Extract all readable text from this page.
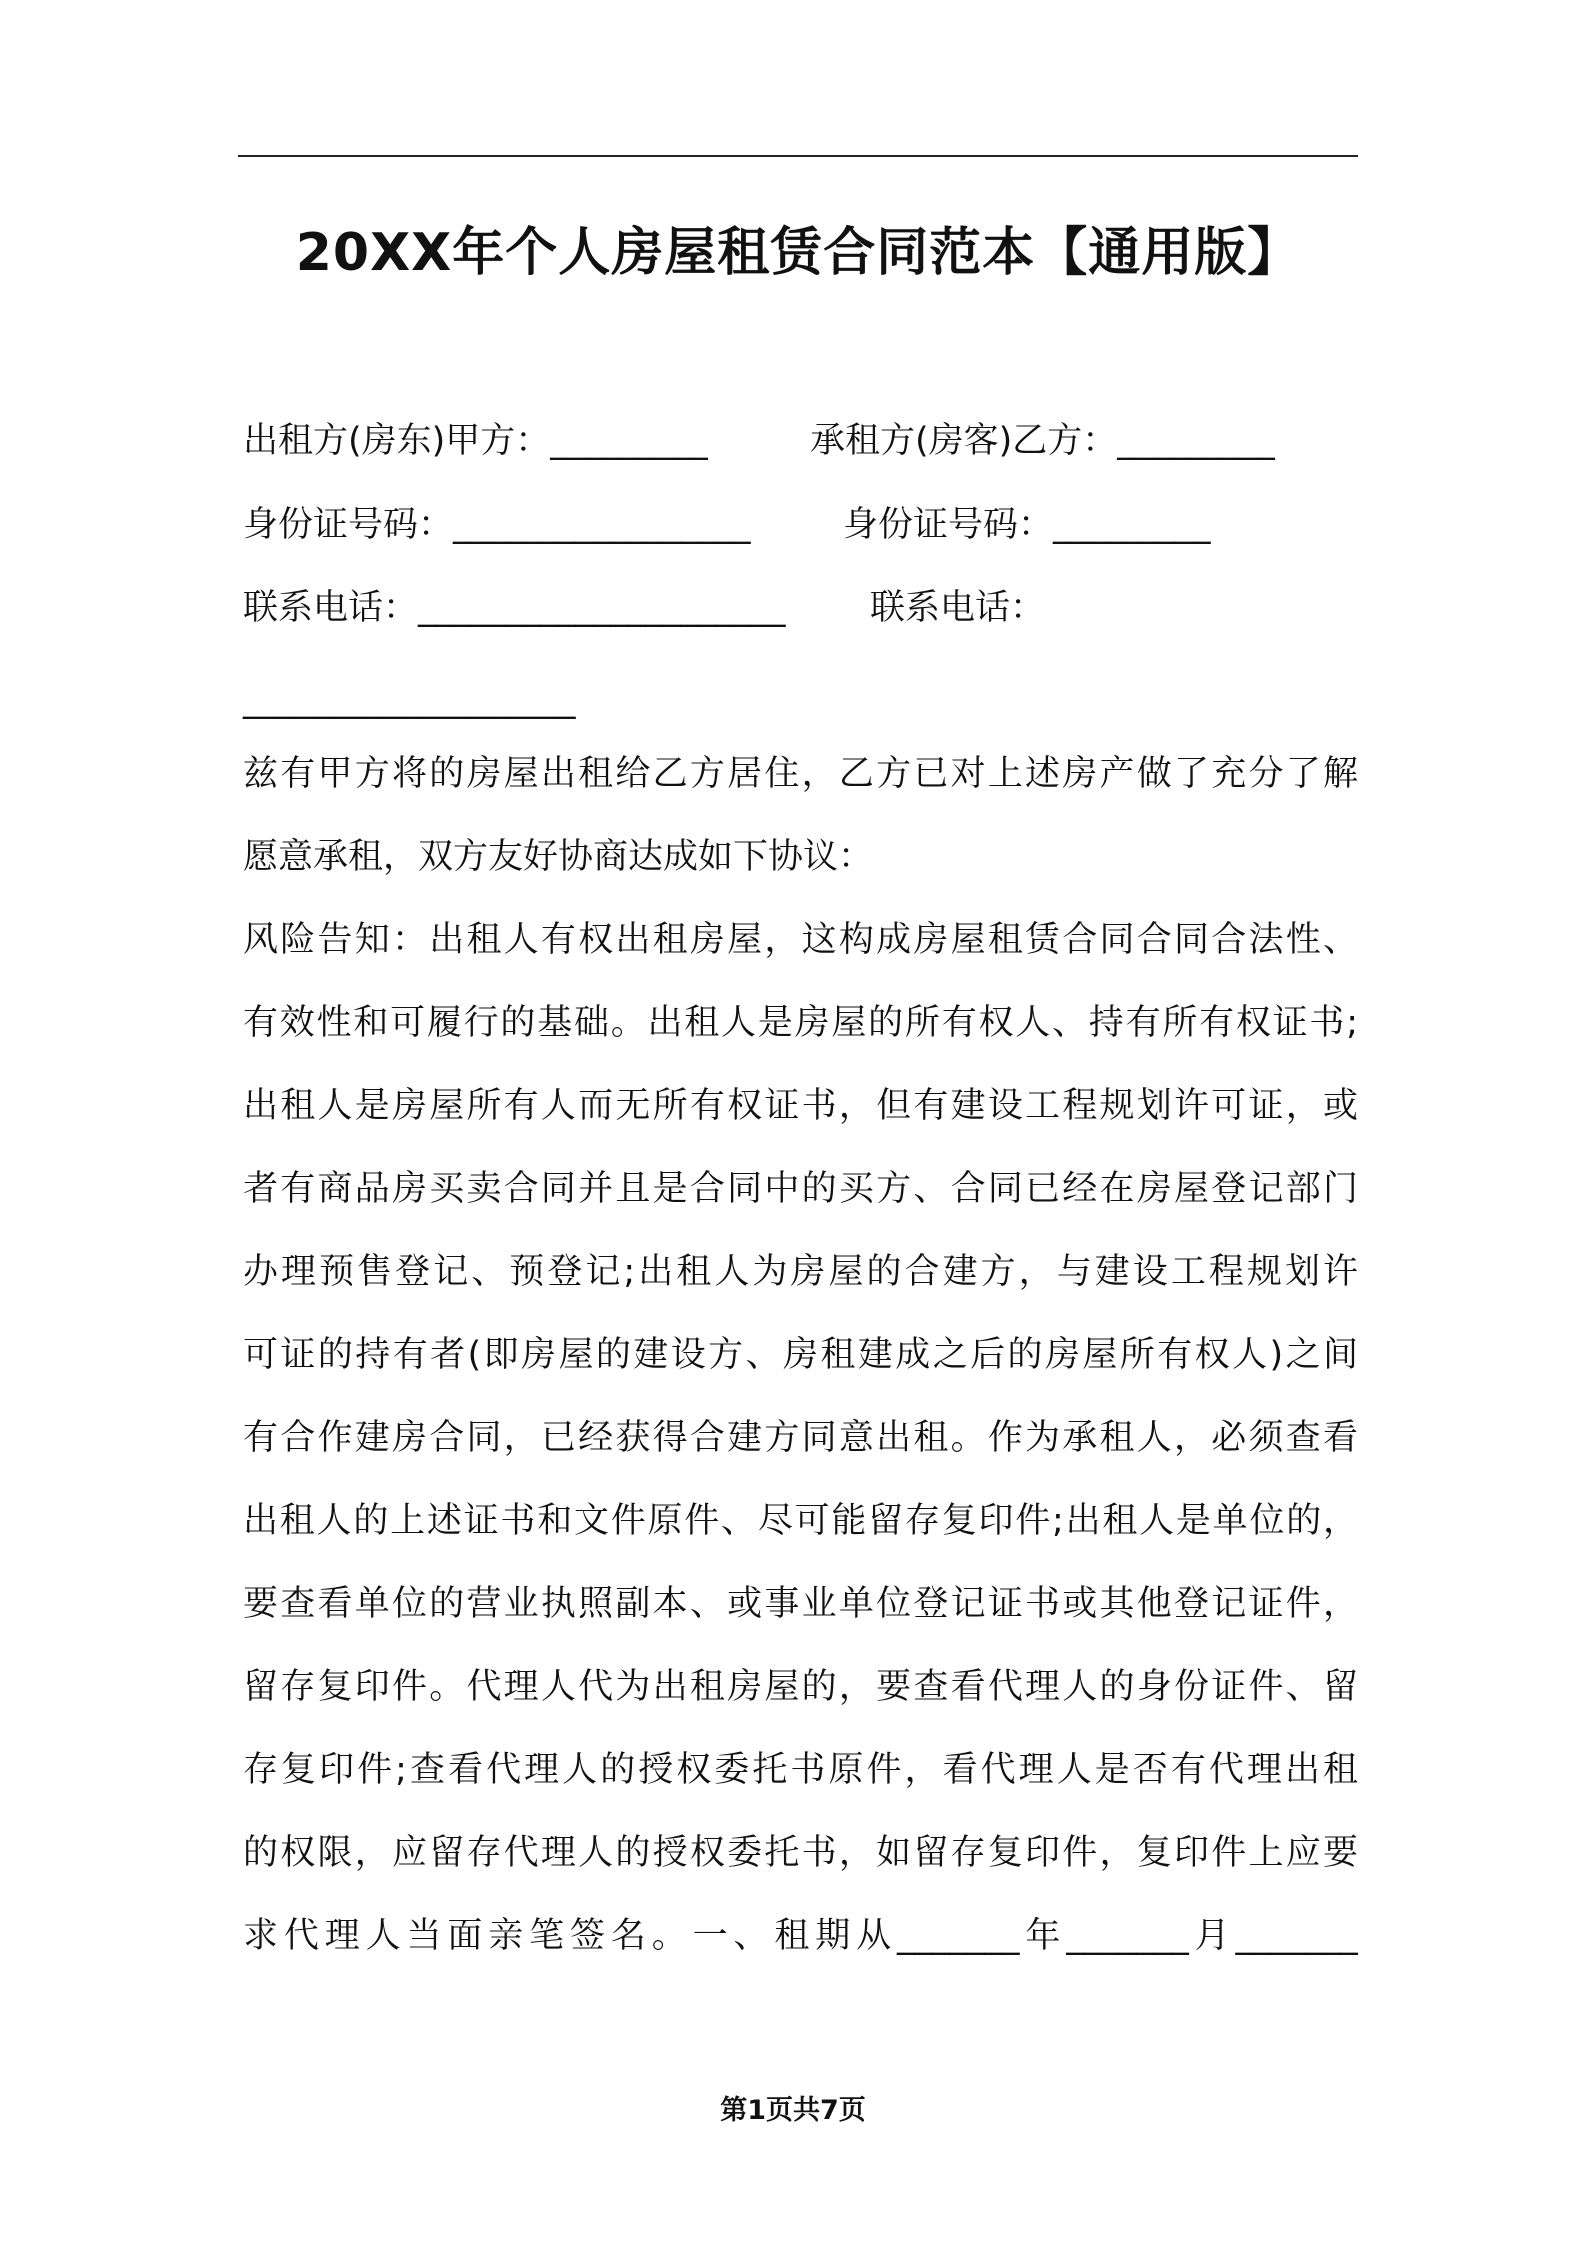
20XX年个人房屋租赁合同范本【通用版】
出租方(房东)甲方：_________	承租方(房客)乙方：_________
身份证号码：_________________	身份证号码：_________
联系电话：_____________________ 联系电话：
___________________
兹有甲方将的房屋出租给乙方居住，乙方已对上述房产做了充分了解
愿意承租，双方友好协商达成如下协议：
风险告知：出租人有权出租房屋，这构成房屋租赁合同合同合法性、
有效性和可履行的基础。出租人是房屋的所有权人、持有所有权证书;
出租人是房屋所有人而无所有权证书，但有建设工程规划许可证，或
者有商品房买卖合同并且是合同中的买方、合同已经在房屋登记部门
办理预售登记、预登记;出租人为房屋的合建方，与建设工程规划许
可证的持有者(即房屋的建设方、房租建成之后的房屋所有权人)之间
有合作建房合同，已经获得合建方同意出租。作为承租人，必须查看
出租人的上述证书和文件原件、尽可能留存复印件;出租人是单位的，
要查看单位的营业执照副本、或事业单位登记证书或其他登记证件，
留存复印件。代理人代为出租房屋的，要查看代理人的身份证件、留
存复印件;查看代理人的授权委托书原件，看代理人是否有代理出租
的权限，应留存代理人的授权委托书，如留存复印件，复印件上应要
求代理人当面亲笔签名。一、租期从_______年_______月_______
第1页共7页
